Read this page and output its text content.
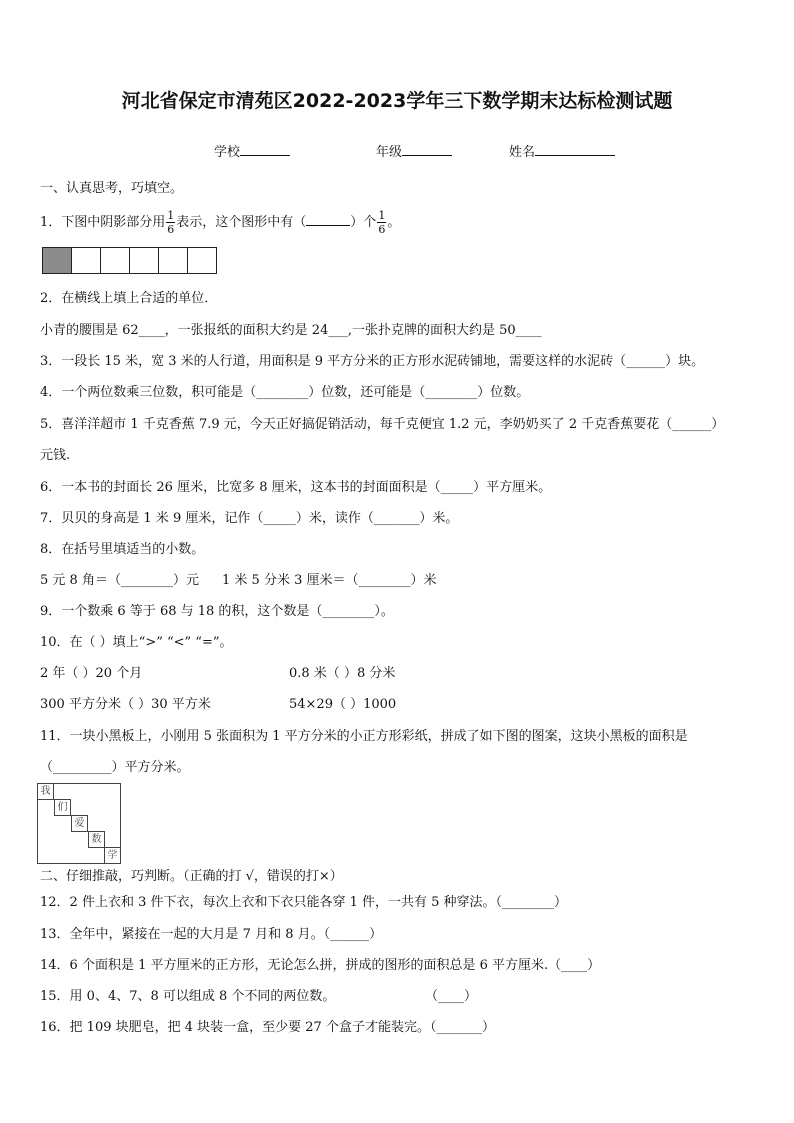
河北省保定市清苑区2022-2023学年三下数学期末达标检测试题
学校	年级	姓名
一、认真思考，巧填空。
1．下图中阴影部分用 $\frac{1}{6}$ 表示，这个图形中有（	）个 $\frac{1}{6}$ 。
2．在横线上填上合适的单位．
小青的腰围是 62____，一张报纸的面积大约是 24___,一张扑克牌的面积大约是 50____
3．一段长 15 米，宽 3 米的人行道，用面积是 9 平方分米的正方形水泥砖铺地，需要这样的水泥砖（______）块。
4．一个两位数乘三位数，积可能是（________）位数，还可能是（________）位数。
5．喜洋洋超市 1 千克香蕉 7.9 元，今天正好搞促销活动，每千克便宜 1.2 元，李奶奶买了 2 千克香蕉要花（______）
元钱.
6．一本书的封面长 26 厘米，比宽多 8 厘米，这本书的封面面积是（_____）平方厘米。
7．贝贝的身高是 1 米 9 厘米，记作（_____）米，读作（_______）米。
8．在括号里填适当的小数。
5 元 8 角＝（________）元 1 米 5 分米 3 厘米＝（________）米
9．一个数乘 6 等于 68 与 18 的积，这个数是（________）。
10．在（ ）填上“>” “<” “=”。
2 年（ ）20 个月	0.8 米（ ）8 分米
300 平方分米（ ）30 平方米	54×29（ ）1000
11．一块小黑板上，小刚用 5 张面积为 1 平方分米的小正方形彩纸，拼成了如下图的图案，这块小黑板的面积是
（_________）平方分米。
我
们
爱
数
学
二、仔细推敲，巧判断。（正确的打 √，错误的打×）
12．2 件上衣和 3 件下衣，每次上衣和下衣只能各穿 1 件，一共有 5 种穿法。（________）
13．全年中，紧接在一起的大月是 7 月和 8 月。（______）
14．6 个面积是 1 平方厘米的正方形，无论怎么拼，拼成的图形的面积总是 6 平方厘米.（____）
15．用 0、4、7、8 可以组成 8 个不同的两位数。	（____）
16．把 109 块肥皂，把 4 块装一盒，至少要 27 个盒子才能装完。（_______）
